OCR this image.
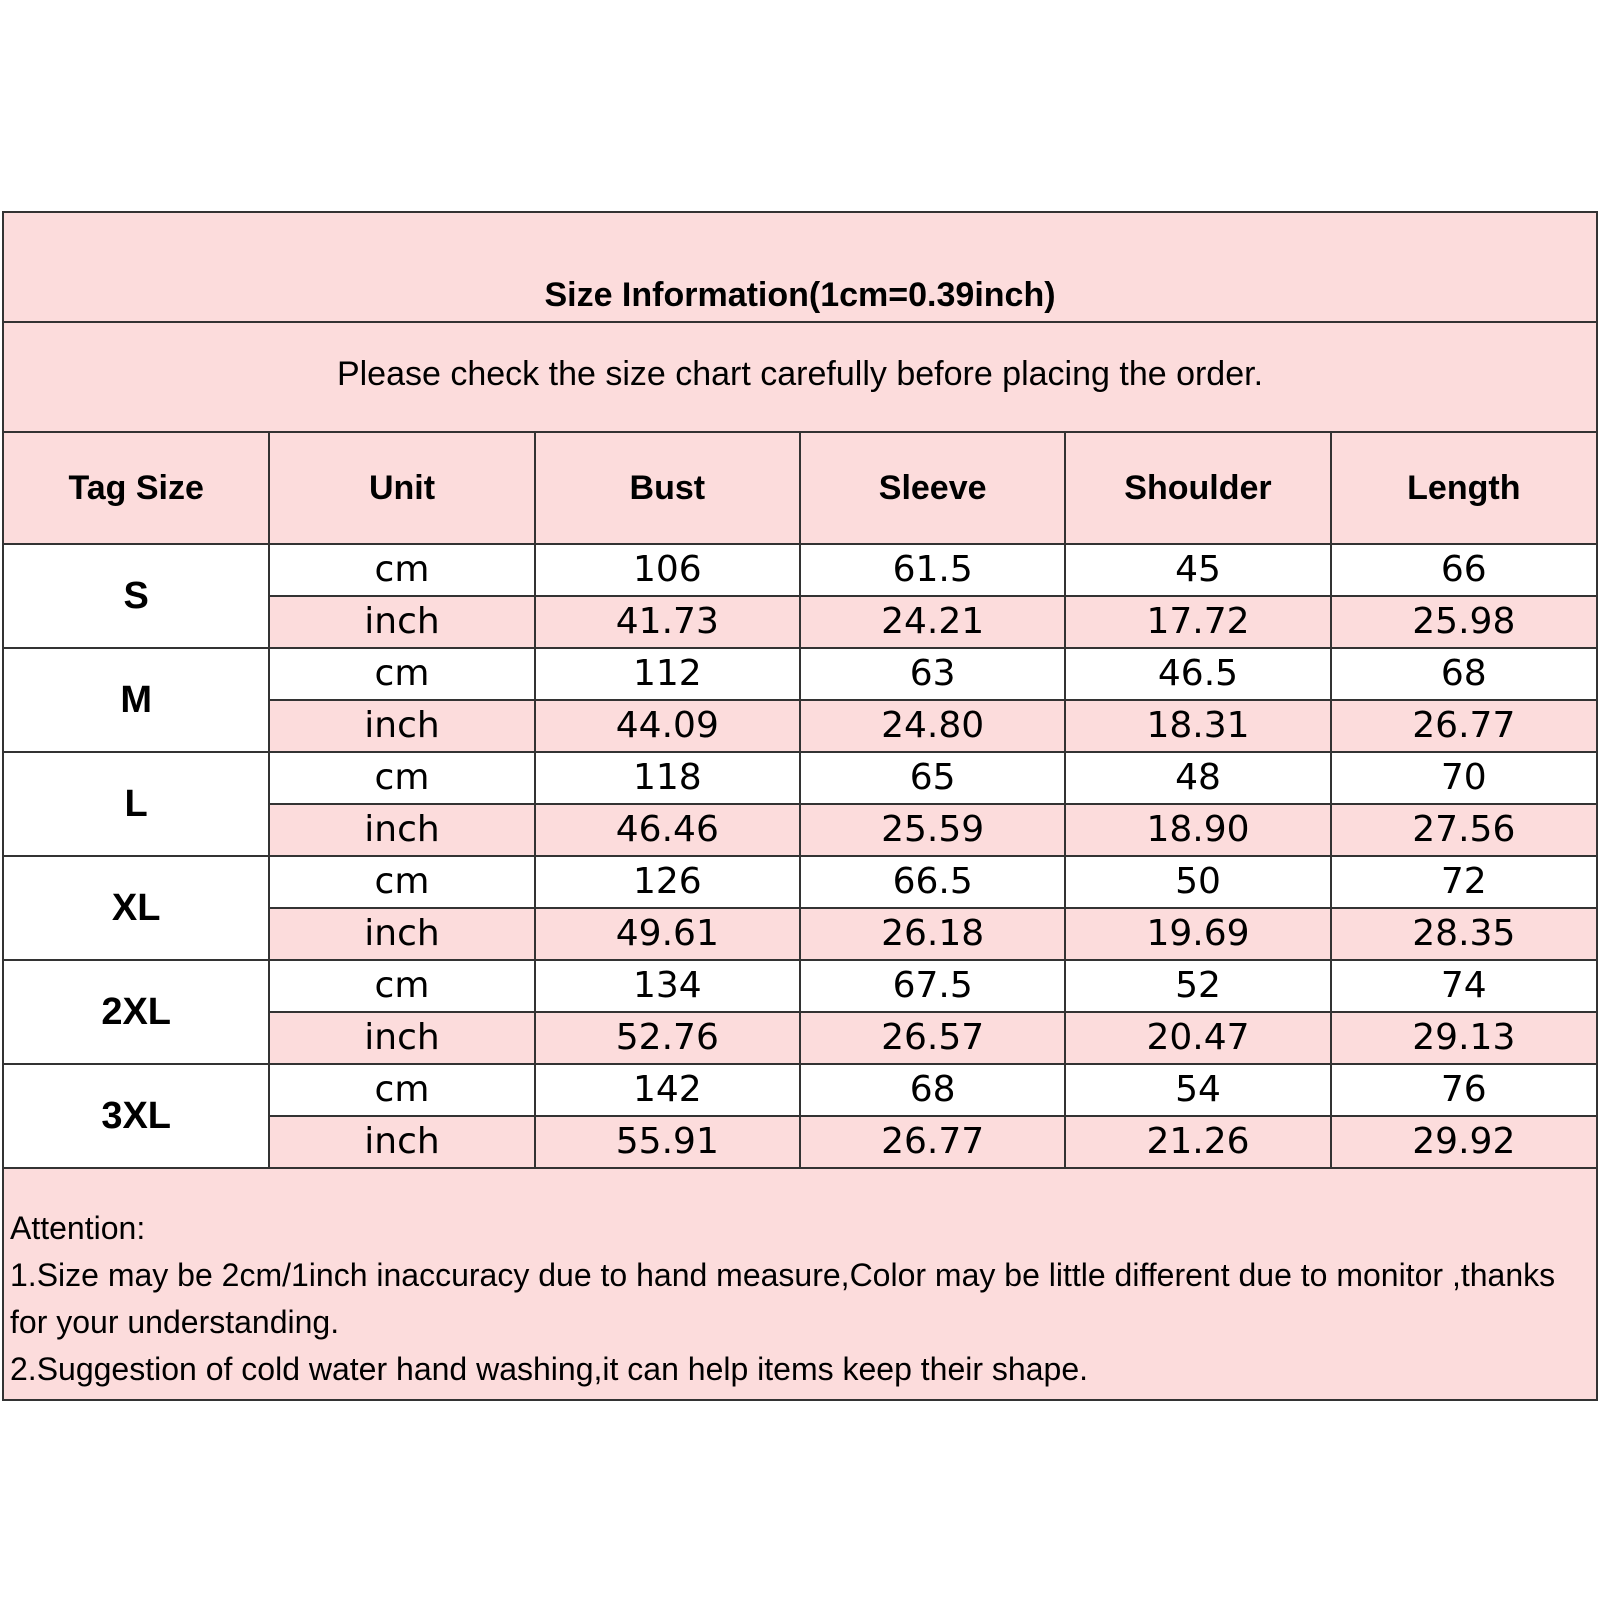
Size Information(1cm=0.39inch)
Please check the size chart carefully before placing the order.
Tag Size	Unit	Bust	Sleeve	Shoulder	Length
S	cm	106	61.5	45	66
	inch	41.73	24.21	17.72	25.98
M	cm	112	63	46.5	68
	inch	44.09	24.80	18.31	26.77
L	cm	118	65	48	70
	inch	46.46	25.59	18.90	27.56
XL	cm	126	66.5	50	72
	inch	49.61	26.18	19.69	28.35
2XL	cm	134	67.5	52	74
	inch	52.76	26.57	20.47	29.13
3XL	cm	142	68	54	76
	inch	55.91	26.77	21.26	29.92
Attention:
1.Size may be 2cm/1inch inaccuracy due to hand measure,Color may be little different due to monitor ,thanks for your understanding.
2.Suggestion of cold water hand washing,it can help items keep their shape.
